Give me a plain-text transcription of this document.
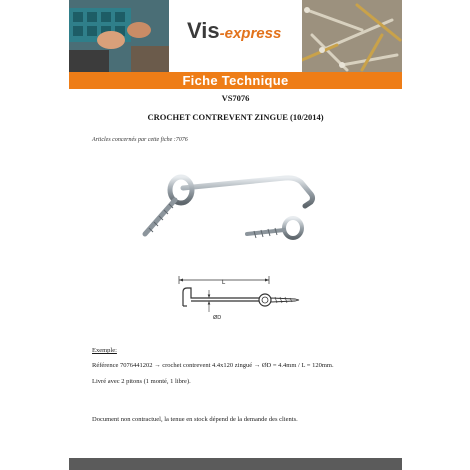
Vis-express
Fiche Technique
VS7076
CROCHET CONTREVENT ZINGUE (10/2014)
Articles concernés par cette fiche :7076
L
ØD
Exemple:
Référence 7076441202 → crochet contrevent 4.4x120 zingué → ØD = 4.4mm / L = 120mm.
Livré avec 2 pitons (1 monté, 1 libre).
Document non contractuel, la tenue en stock dépend de la demande des clients.
